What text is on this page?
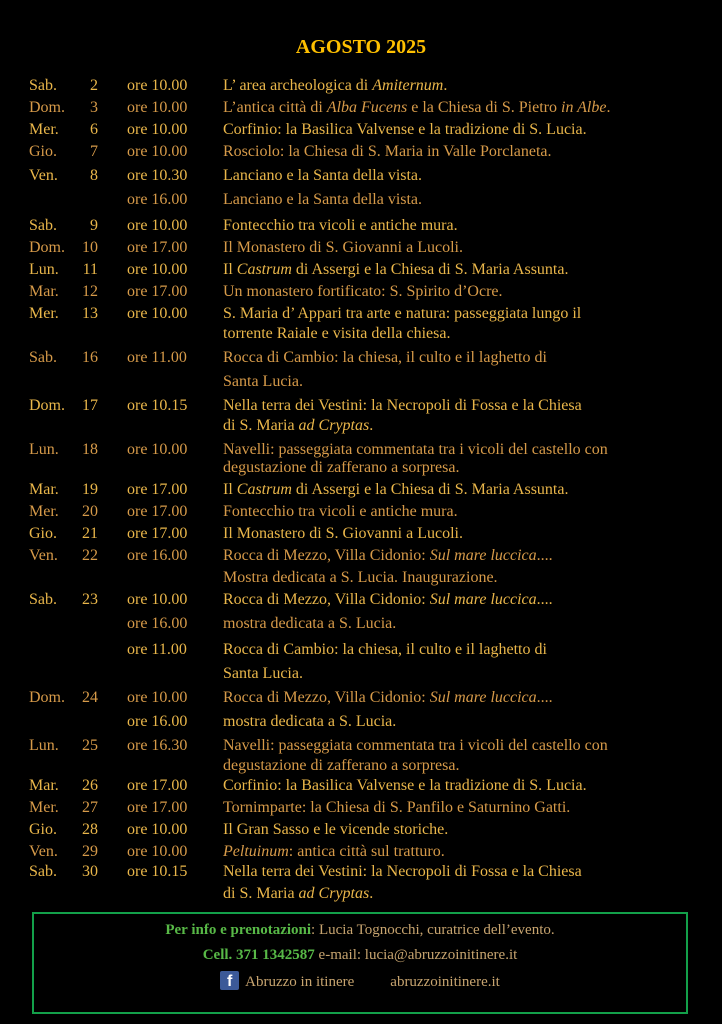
AGOSTO 2025
Sab.	2 ore 10.00 L’ area archeologica di Amiternum.
Dom.	3 ore 10.00 L’antica città di Alba Fucens e la Chiesa di S. Pietro in Albe.
Mer.	6 ore 10.00 Corfinio: la Basilica Valvense e la tradizione di S. Lucia.
Gio.	7 ore 10.00 Rosciolo: la Chiesa di S. Maria in Valle Porclaneta.
Ven.	8 ore 10.30 Lanciano e la Santa della vista.
ore 16.00 Lanciano e la Santa della vista.
Sab.	9 ore 10.00 Fontecchio tra vicoli e antiche mura.
Dom.	10 ore 17.00 Il Monastero di S. Giovanni a Lucoli.
Lun.	11 ore 10.00 Il Castrum di Assergi e la Chiesa di S. Maria Assunta.
Mar.	12 ore 17.00 Un monastero fortificato: S. Spirito d’Ocre.
Mer.	13 ore 10.00 S. Maria d’ Appari tra arte e natura: passeggiata lungo il
torrente Raiale e visita della chiesa.
Sab.	16 ore 11.00 Rocca di Cambio: la chiesa, il culto e il laghetto di
Santa Lucia.
Dom.	17 ore 10.15 Nella terra dei Vestini: la Necropoli di Fossa e la Chiesa
di S. Maria ad Cryptas.
Lun.	18 ore 10.00 Navelli: passeggiata commentata tra i vicoli del castello con
degustazione di zafferano a sorpresa.
Mar.	19 ore 17.00 Il Castrum di Assergi e la Chiesa di S. Maria Assunta.
Mer.	20 ore 17.00 Fontecchio tra vicoli e antiche mura.
Gio.	21 ore 17.00 Il Monastero di S. Giovanni a Lucoli.
Ven.	22 ore 16.00 Rocca di Mezzo, Villa Cidonio: Sul mare luccica....
Mostra dedicata a S. Lucia. Inaugurazione.
Sab.	23 ore 10.00 Rocca di Mezzo, Villa Cidonio: Sul mare luccica....
ore 16.00 mostra dedicata a S. Lucia.
ore 11.00 Rocca di Cambio: la chiesa, il culto e il laghetto di
Santa Lucia.
Dom.	24 ore 10.00 Rocca di Mezzo, Villa Cidonio: Sul mare luccica....
ore 16.00 mostra dedicata a S. Lucia.
Lun.	25 ore 16.30 Navelli: passeggiata commentata tra i vicoli del castello con
degustazione di zafferano a sorpresa.
Mar.	26 ore 17.00 Corfinio: la Basilica Valvense e la tradizione di S. Lucia.
Mer.	27 ore 17.00 Tornimparte: la Chiesa di S. Panfilo e Saturnino Gatti.
Gio.	28 ore 10.00 Il Gran Sasso e le vicende storiche.
Ven.	29 ore 10.00 Peltuinum: antica città sul tratturo.
Sab.	30 ore 10.15 Nella terra dei Vestini: la Necropoli di Fossa e la Chiesa
di S. Maria ad Cryptas.
Per info e prenotazioni: Lucia Tognocchi, curatrice dell’evento.
Cell. 371 1342587 e-mail: lucia@abruzzoinitinere.it
f Abruzzo in itinere abruzzoinitinere.it
